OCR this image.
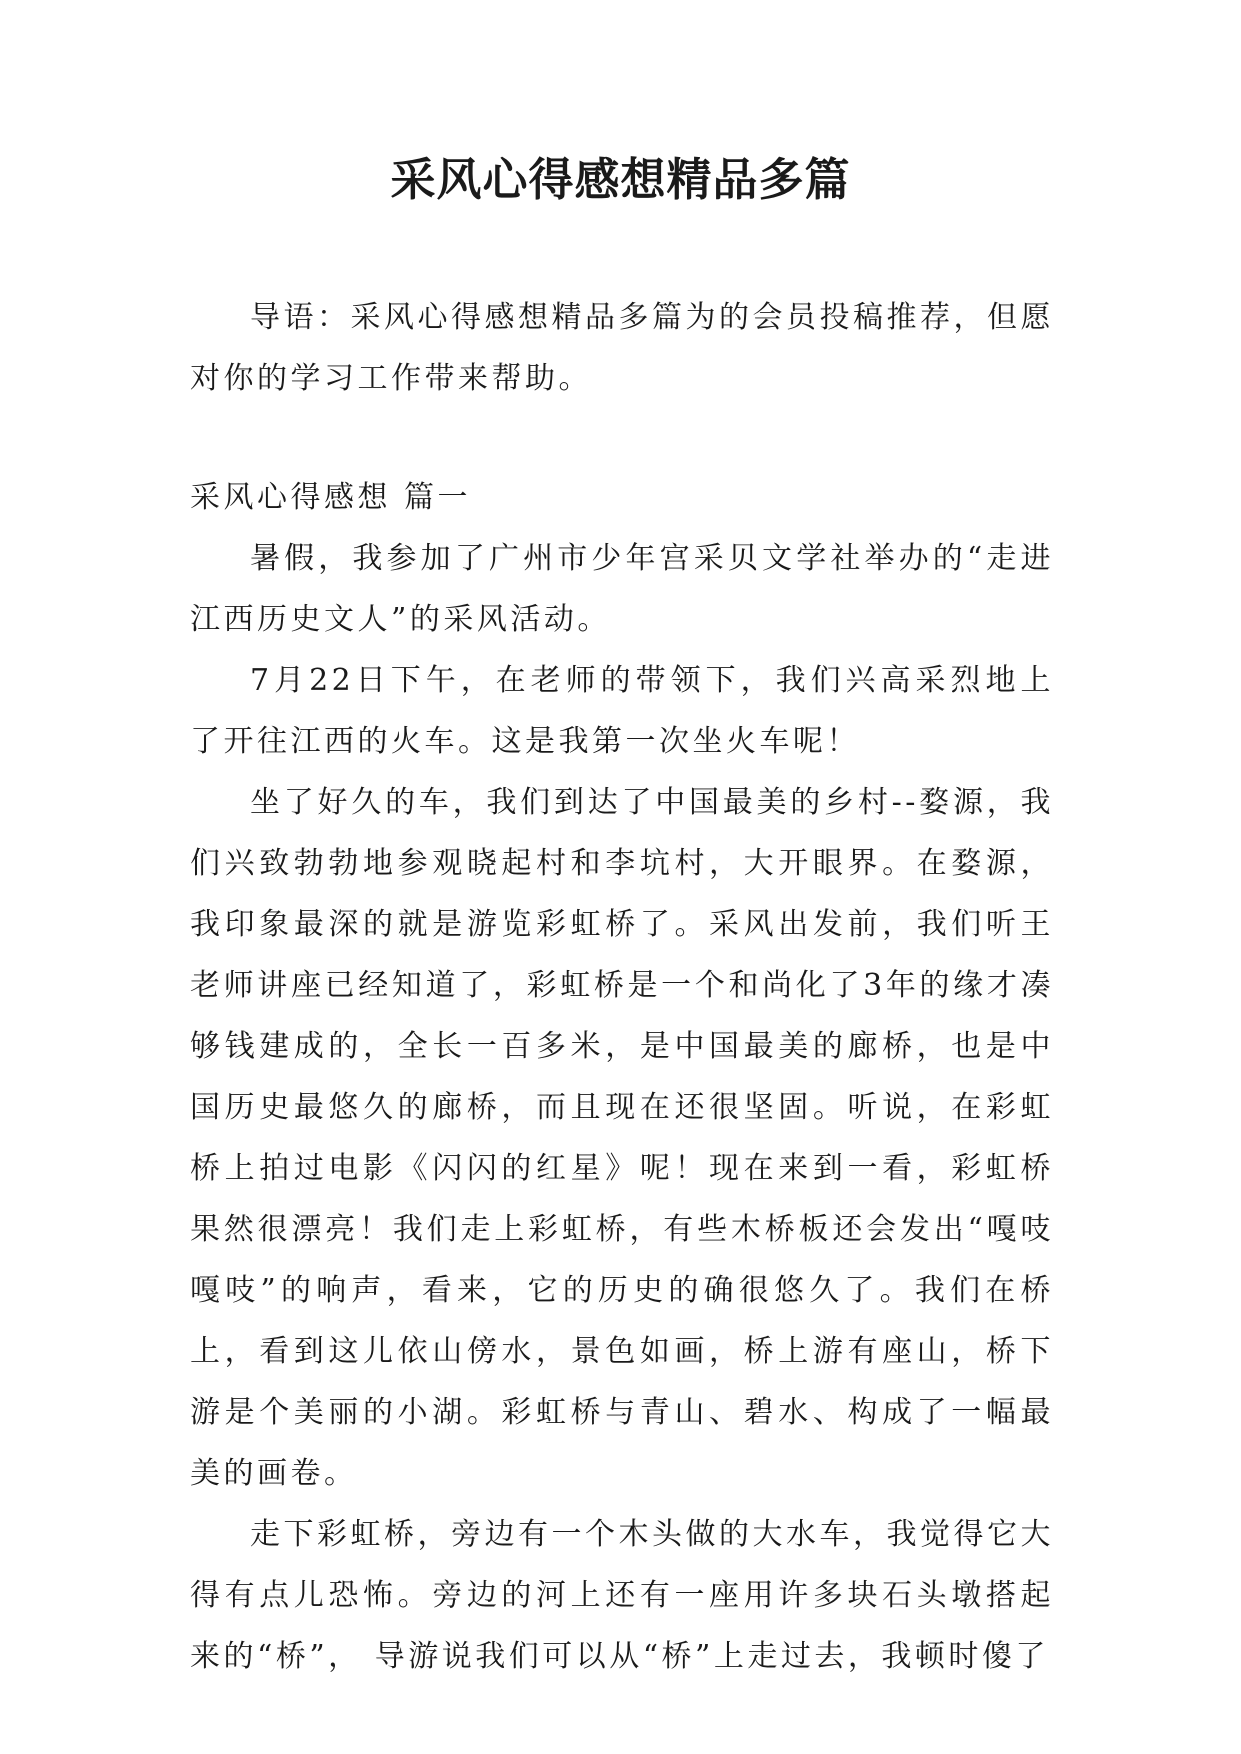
采风心得感想精品多篇

导语：采风心得感想精品多篇为的会员投稿推荐，但愿对你的学习工作带来帮助。

采风心得感想 篇一

暑假，我参加了广州市少年宫采贝文学社举办的“走进江西历史文人”的采风活动。

7月22日下午，在老师的带领下，我们兴高采烈地上了开往江西的火车。这是我第一次坐火车呢！

坐了好久的车，我们到达了中国最美的乡村--婺源，我们兴致勃勃地参观晓起村和李坑村，大开眼界。在婺源，我印象最深的就是游览彩虹桥了。采风出发前，我们听王老师讲座已经知道了，彩虹桥是一个和尚化了3年的缘才凑够钱建成的，全长一百多米，是中国最美的廊桥，也是中国历史最悠久的廊桥，而且现在还很坚固。听说，在彩虹桥上拍过电影《闪闪的红星》呢！现在来到一看，彩虹桥果然很漂亮！我们走上彩虹桥，有些木桥板还会发出“嘎吱嘎吱”的响声，看来，它的历史的确很悠久了。我们在桥上，看到这儿依山傍水，景色如画，桥上游有座山，桥下游是个美丽的小湖。彩虹桥与青山、碧水、构成了一幅最美的画卷。

走下彩虹桥，旁边有一个木头做的大水车，我觉得它大得有点儿恐怖。旁边的河上还有一座用许多块石头墩搭起来的“桥”， 导游说我们可以从“桥”上走过去，我顿时傻了
